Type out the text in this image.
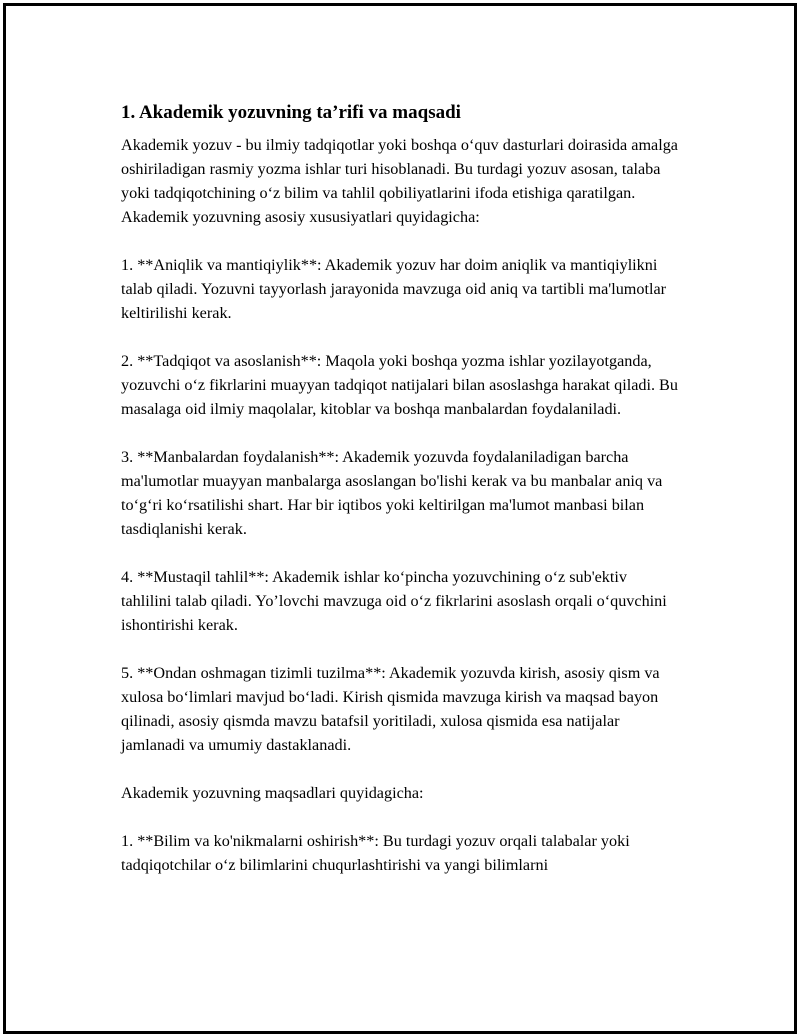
1. Akademik yozuvning ta’rifi va maqsadi

Akademik yozuv - bu ilmiy tadqiqotlar yoki boshqa o‘quv dasturlari doirasida amalga oshiriladigan rasmiy yozma ishlar turi hisoblanadi. Bu turdagi yozuv asosan, talaba yoki tadqiqotchining o‘z bilim va tahlil qobiliyatlarini ifoda etishiga qaratilgan. Akademik yozuvning asosiy xususiyatlari quyidagicha:

1. **Aniqlik va mantiqiylik**: Akademik yozuv har doim aniqlik va mantiqiylikni talab qiladi. Yozuvni tayyorlash jarayonida mavzuga oid aniq va tartibli ma'lumotlar keltirilishi kerak.

2. **Tadqiqot va asoslanish**: Maqola yoki boshqa yozma ishlar yozilayotganda, yozuvchi o‘z fikrlarini muayyan tadqiqot natijalari bilan asoslashga harakat qiladi. Bu masalaga oid ilmiy maqolalar, kitoblar va boshqa manbalardan foydalaniladi.

3. **Manbalardan foydalanish**: Akademik yozuvda foydalaniladigan barcha ma'lumotlar muayyan manbalarga asoslangan bo'lishi kerak va bu manbalar aniq va to‘g‘ri ko‘rsatilishi shart. Har bir iqtibos yoki keltirilgan ma'lumot manbasi bilan tasdiqlanishi kerak.

4. **Mustaqil tahlil**: Akademik ishlar ko‘pincha yozuvchining o‘z sub'ektiv tahlilini talab qiladi. Yo’lovchi mavzuga oid o‘z fikrlarini asoslash orqali o‘quvchini ishontirishi kerak.

5. **Ondan oshmagan tizimli tuzilma**: Akademik yozuvda kirish, asosiy qism va xulosa bo‘limlari mavjud bo‘ladi. Kirish qismida mavzuga kirish va maqsad bayon qilinadi, asosiy qismda mavzu batafsil yoritiladi, xulosa qismida esa natijalar jamlanadi va umumiy dastaklanadi.

Akademik yozuvning maqsadlari quyidagicha:

1. **Bilim va ko'nikmalarni oshirish**: Bu turdagi yozuv orqali talabalar yoki tadqiqotchilar o‘z bilimlarini chuqurlashtirishi va yangi bilimlarni
